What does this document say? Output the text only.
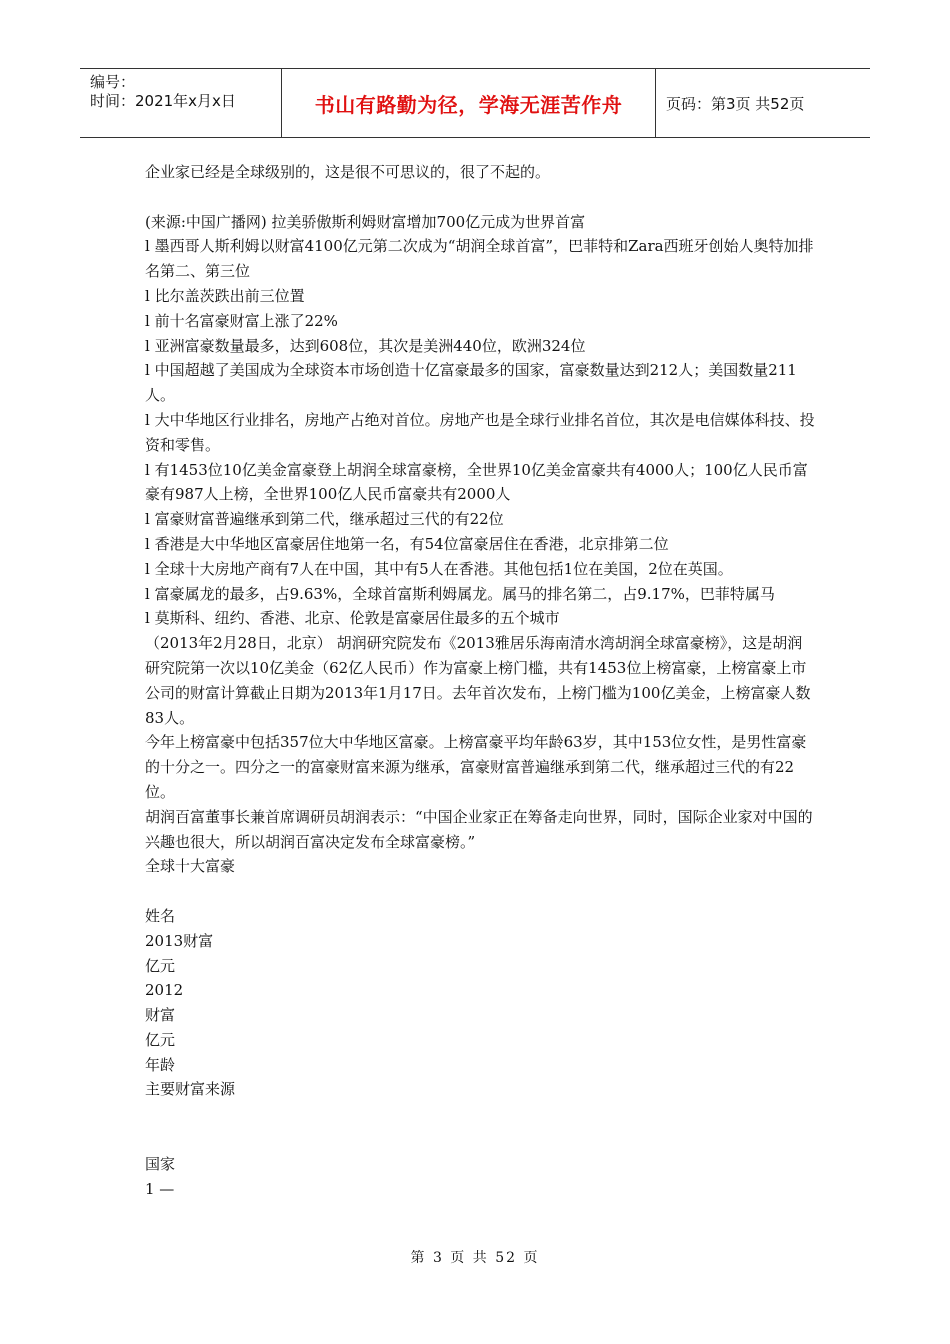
编号：
时间：2021年x月x日	书山有路勤为径，学海无涯苦作舟	页码：第3页 共52页

企业家已经是全球级别的，这是很不可思议的，很了不起的。

(来源:中国广播网) 拉美骄傲斯利姆财富增加700亿元成为世界首富

l 墨西哥人斯利姆以财富4100亿元第二次成为“胡润全球首富”，巴菲特和Zara西班牙创始人奥特加排名第二、第三位

l 比尔盖茨跌出前三位置

l 前十名富豪财富上涨了22%

l 亚洲富豪数量最多，达到608位，其次是美洲440位，欧洲324位

l 中国超越了美国成为全球资本市场创造十亿富豪最多的国家，富豪数量达到212人；美国数量211人。

l 大中华地区行业排名，房地产占绝对首位。房地产也是全球行业排名首位，其次是电信媒体科技、投资和零售。

l 有1453位10亿美金富豪登上胡润全球富豪榜，全世界10亿美金富豪共有4000人；100亿人民币富豪有987人上榜，全世界100亿人民币富豪共有2000人

l 富豪财富普遍继承到第二代，继承超过三代的有22位

l 香港是大中华地区富豪居住地第一名，有54位富豪居住在香港，北京排第二位

l 全球十大房地产商有7人在中国，其中有5人在香港。其他包括1位在美国，2位在英国。

l 富豪属龙的最多，占9.63%，全球首富斯利姆属龙。属马的排名第二，占9.17%，巴菲特属马

l 莫斯科、纽约、香港、北京、伦敦是富豪居住最多的五个城市

（2013年2月28日，北京） 胡润研究院发布《2013雅居乐海南清水湾胡润全球富豪榜》，这是胡润研究院第一次以10亿美金（62亿人民币）作为富豪上榜门槛，共有1453位上榜富豪，上榜富豪上市公司的财富计算截止日期为2013年1月17日。去年首次发布，上榜门槛为100亿美金，上榜富豪人数83人。

今年上榜富豪中包括357位大中华地区富豪。上榜富豪平均年龄63岁，其中153位女性，是男性富豪的十分之一。四分之一的富豪财富来源为继承，富豪财富普遍继承到第二代，继承超过三代的有22位。

胡润百富董事长兼首席调研员胡润表示：“中国企业家正在筹备走向世界，同时，国际企业家对中国的兴趣也很大，所以胡润百富决定发布全球富豪榜。”

全球十大富豪

姓名

2013财富

亿元

2012

财富

亿元

年龄

主要财富来源

国家

1 —

第 3 页 共 52 页
